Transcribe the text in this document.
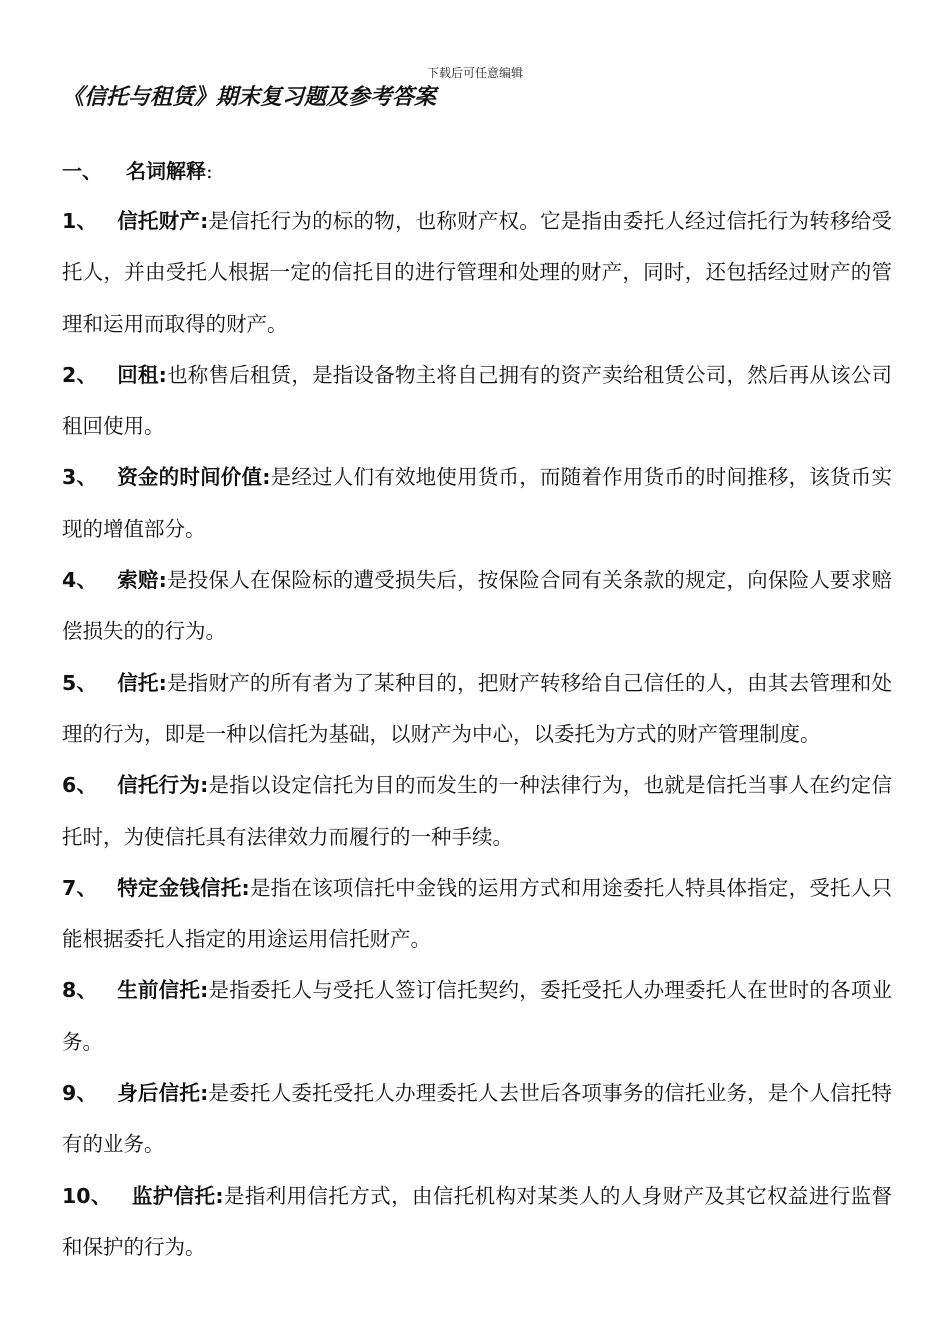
下载后可任意编辑
《信托与租赁》期末复习题及参考答案
一、 名词解释:
1、 信托财产:是信托行为的标的物，也称财产权。它是指由委托人经过信托行为转移给受托人，并由受托人根据一定的信托目的进行管理和处理的财产，同时，还包括经过财产的管理和运用而取得的财产。
2、 回租:也称售后租赁，是指设备物主将自己拥有的资产卖给租赁公司，然后再从该公司租回使用。
3、 资金的时间价值:是经过人们有效地使用货币，而随着作用货币的时间推移，该货币实现的增值部分。
4、 索赔:是投保人在保险标的遭受损失后，按保险合同有关条款的规定，向保险人要求赔偿损失的的行为。
5、 信托:是指财产的所有者为了某种目的，把财产转移给自己信任的人，由其去管理和处理的行为，即是一种以信托为基础，以财产为中心，以委托为方式的财产管理制度。
6、 信托行为:是指以设定信托为目的而发生的一种法律行为，也就是信托当事人在约定信托时，为使信托具有法律效力而履行的一种手续。
7、 特定金钱信托:是指在该项信托中金钱的运用方式和用途委托人特具体指定，受托人只能根据委托人指定的用途运用信托财产。
8、 生前信托:是指委托人与受托人签订信托契约，委托受托人办理委托人在世时的各项业务。
9、 身后信托:是委托人委托受托人办理委托人去世后各项事务的信托业务，是个人信托特有的业务。
10、 监护信托:是指利用信托方式，由信托机构对某类人的人身财产及其它权益进行监督和保护的行为。
